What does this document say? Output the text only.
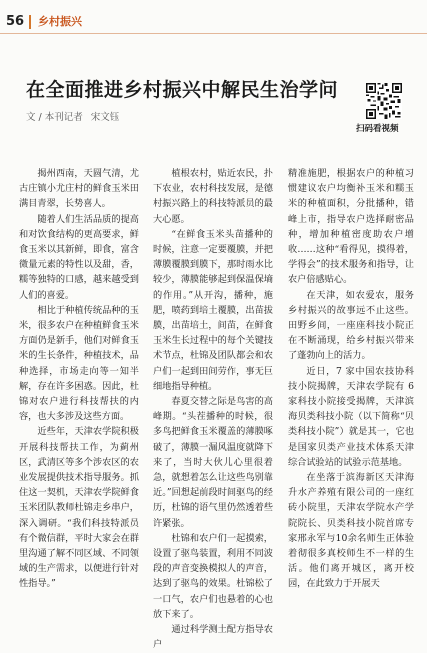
56 乡村振兴
在全面推进乡村振兴中解民生治学问
文 / 本刊记者 宋文钰
扫码看视频

揭州西南，天圆气清，尤古庄镇小尤庄村的鲜食玉米田满目青翠，长势喜人。

随着人们生活品质的提高和对饮食结构的更高要求，鲜食玉米以其新鲜，即食，富含微量元素的特性以及甜，香，糯等独特的口感，越来越受到人们的喜爱。

相比于种植传统品种的玉米，很多农户在种植鲜食玉米方面仍是新手，他们对鲜食玉米的生长条件，种植技术，品种选择，市场走向等一知半解，存在许多困惑。因此，杜锦对农户进行科技帮扶的内容，也大多涉及这些方面。

近些年，天津农学院积极开展科技帮扶工作，为蓟州区，武清区等多个涉农区的农业发展提供技术指导服务。抓住这一契机，天津农学院鲜食玉米团队教师杜锦走乡串户，深入调研。“我们科技特派员有个微信群，平时大家会在群里沟通了解不同区域、不同领域的生产需求，以便进行针对性指导。”

植根农村，贴近农民，扑下农业，农村科技发展，是德村振兴路上的科技特派员的最大心愿。

“在鲜食玉米头苗播种的时候，注意一定要覆膜，并把薄膜覆膜到膜下，那时雨水比较少，薄膜能够起到保温保墒的作用。”从开沟，播种，施肥，喷药到培土覆膜，出苗拔膜，出苗培土，间苗，在鲜食玉米生长过程中的每个关键技术节点，杜锦及团队都会和农户们一起到田间劳作，事无巨细地指导种植。

春夏交替之际是鸟害的高峰期。“头茬播种的时候，很多鸟把鲜食玉米覆盖的薄膜啄破了，薄膜一漏风温度就降下来了，当时大伙儿心里很着急，就想着怎么让这些鸟别靠近。”回想起前段时间驱鸟的经历，杜锦的语气里仍然透着些许紧张。

杜锦和农户们一起摸索，设置了驱鸟装置，利用不同波段的声音变换模拟人的声音，达到了驱鸟的效果。杜锦松了一口气，农户们也悬着的心也放下来了。

通过科学测土配方指导农户

精准施肥，根据农户的种植习惯建议农户均衡补玉米和糯玉米的种植面积，分批播种，错峰上市，指导农户选择耐密品种，增加种植密度助农户增收……这种“看得见，摸得着，学得会”的技术服务和指导，让农户倍感贴心。

在天津，如农爱农，服务乡村振兴的故事远不止这些。田野乡间，一座座科技小院正在不断涌现，给乡村振兴带来了蓬勃向上的活力。

近日，7 家中国农技协科技小院揭牌，天津农学院有 6 家科技小院接受揭牌，天津滨海贝类科技小院（以下简称“贝类科技小院”）就是其一，它也是国家贝类产业技术体系天津综合试验站的试验示范基地。

在坐落于滨海新区天津海升水产养殖有限公司的一座红砖小院里，天津农学院水产学院院长、贝类科技小院首席专家邢永军与10余名师生正体验着彻很多真校师生不一样的生活。他们离开城区，离开校园，在此致力于开展天
